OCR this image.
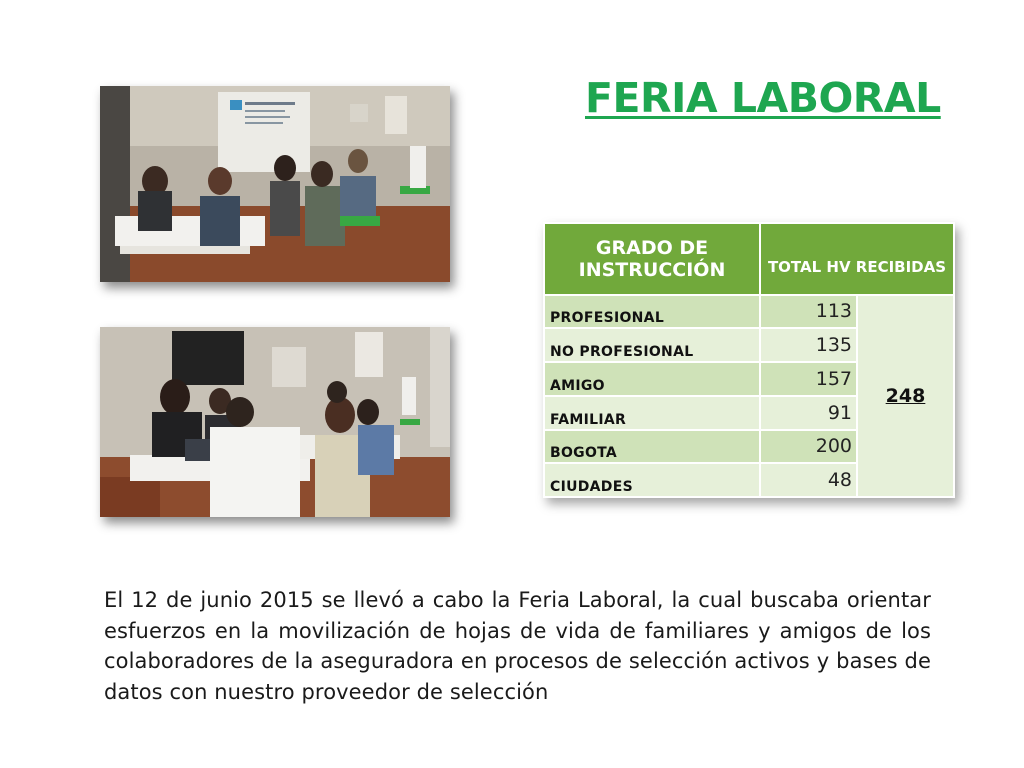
FERIA LABORAL
GRADO DE INSTRUCCIÓN	TOTAL HV RECIBIDAS	
PROFESIONAL	113	248
NO PROFESIONAL	135	
AMIGO	157	
FAMILIAR	91	
BOGOTA	200	
CIUDADES	48	
El 12 de junio 2015 se llevó a cabo la Feria Laboral, la cual buscaba orientar esfuerzos en la movilización de hojas de vida de familiares y amigos de los colaboradores de la aseguradora en procesos de selección activos y bases de datos con nuestro proveedor de selección
